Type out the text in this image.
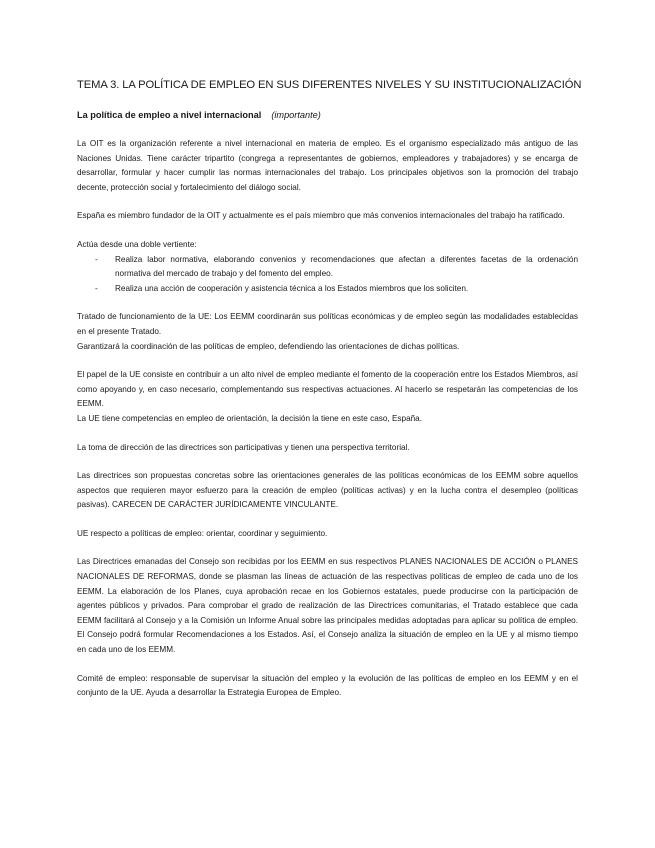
TEMA 3. LA POLÍTICA DE EMPLEO EN SUS DIFERENTES NIVELES Y SU INSTITUCIONALIZACIÓN
La política de empleo a nivel internacional (importante)

La OIT es la organización referente a nivel internacional en materia de empleo. Es el organismo especializado más antiguo de las Naciones Unidas. Tiene carácter tripartito (congrega a representantes de gobiernos, empleadores y trabajadores) y se encarga de desarrollar, formular y hacer cumplir las normas internacionales del trabajo. Los principales objetivos son la promoción del trabajo decente, protección social y fortalecimiento del diálogo social.

España es miembro fundador de la OIT y actualmente es el país miembro que más convenios internacionales del trabajo ha ratificado.

Actúa desde una doble vertiente:

- Realiza labor normativa, elaborando convenios y recomendaciones que afectan a diferentes facetas de la ordenación normativa del mercado de trabajo y del fomento del empleo.
- Realiza una acción de cooperación y asistencia técnica a los Estados miembros que los soliciten.

Tratado de funcionamiento de la UE: Los EEMM coordinarán sus políticas económicas y de empleo según las modalidades establecidas en el presente Tratado.

Garantizará la coordinación de las políticas de empleo, defendiendo las orientaciones de dichas políticas.

El papel de la UE consiste en contribuir a un alto nivel de empleo mediante el fomento de la cooperación entre los Estados Miembros, así como apoyando y, en caso necesario, complementando sus respectivas actuaciones. Al hacerlo se respetarán las competencias de los EEMM.

La UE tiene competencias en empleo de orientación, la decisión la tiene en este caso, España.

La toma de dirección de las directrices son participativas y tienen una perspectiva territorial.

Las directrices son propuestas concretas sobre las orientaciones generales de las políticas económicas de los EEMM sobre aquellos aspectos que requieren mayor esfuerzo para la creación de empleo (políticas activas) y en la lucha contra el desempleo (políticas pasivas). CARECEN DE CARÁCTER JURÍDICAMENTE VINCULANTE.

UE respecto a políticas de empleo: orientar, coordinar y seguimiento.

Las Directrices emanadas del Consejo son recibidas por los EEMM en sus respectivos PLANES NACIONALES DE ACCIÓN o PLANES NACIONALES DE REFORMAS, donde se plasman las líneas de actuación de las respectivas políticas de empleo de cada uno de los EEMM. La elaboración de los Planes, cuya aprobación recae en los Gobiernos estatales, puede producirse con la participación de agentes públicos y privados. Para comprobar el grado de realización de las Directrices comunitarias, el Tratado establece que cada EEMM facilitará al Consejo y a la Comisión un Informe Anual sobre las principales medidas adoptadas para aplicar su política de empleo. El Consejo podrá formular Recomendaciones a los Estados. Así, el Consejo analiza la situación de empleo en la UE y al mismo tiempo en cada uno de los EEMM.

Comité de empleo: responsable de supervisar la situación del empleo y la evolución de las políticas de empleo en los EEMM y en el conjunto de la UE. Ayuda a desarrollar la Estrategia Europea de Empleo.
